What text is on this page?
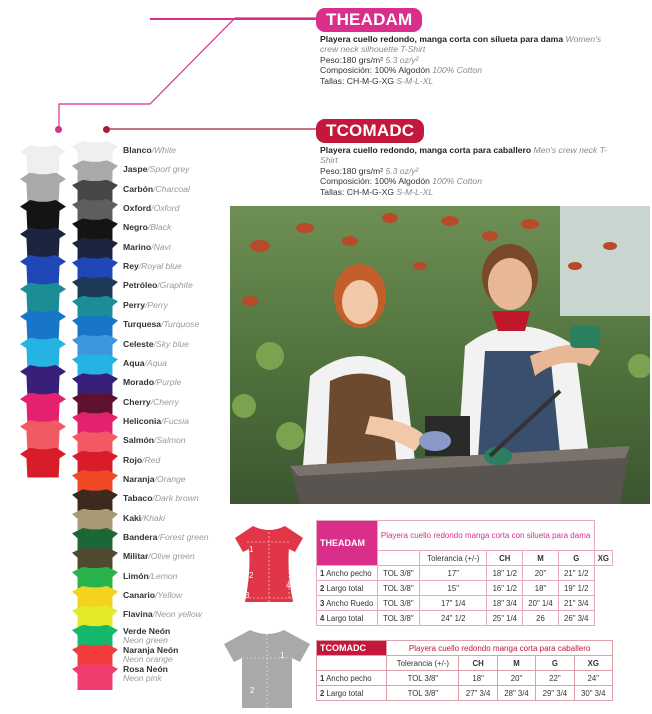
THEADAM
TCOMADC
Playera cuello redondo, manga corta con silueta para dama Women's crew neck silhouette T-Shirt
Peso:180 grs/m² 5.3 oz/y²
Composición: 100% Algodón 100% Cotton
Tallas: CH-M-G-XG S-M-L-XL
Playera cuello redondo, manga corta para caballero Men's crew neck T-Shirt
Peso:180 grs/m² 5.3 oz/y²
Composición: 100% Algodón 100% Cotton
Tallas: CH-M-G-XG S-M-L-XL
Blanco/White
Jaspe/Sport grey
Carbón/Charcoal
Oxford/Oxford
Negro/Black
Marino/Navi
Rey/Royal blue
Petróleo/Graphite
Perry/Perry
Turquesa/Turquose
Celeste/Sky blue
Aqua/Aqua
Morado/Purple
Cherry/Cherry
Heliconia/Fucsia
Salmón/Salmon
Rojo/Red
Naranja/Orange
Tabaco/Dark brown
Kaki/Khaki
Bandera/Forest green
Militar/Olive green
Limón/Lemon
Canario/Yellow
Flavina/Neon yellow
Verde Neón
Neon green
Naranja Neón
Neon orange
Rosa Neón
Neon pink
1
2
3
4
1
2
THEADAM	Playera cuello redondo manga corta con silueta para dama					
		Tolerancia (+/-)	CH	M	G	XG
1 Ancho pecho	TOL 3/8"	17"	18" 1/2	20"	21" 1/2	
2 Largo total	TOL 3/8"	15"	16" 1/2	18"	19" 1/2	
3 Ancho Ruedo	TOL 3/8"	17" 1/4	18" 3/4	20" 1/4	21" 3/4	
4 Largo total	TOL 3/8"	24" 1/2	25" 1/4	26	26" 3/4	
TCOMADC	Playera cuello redondo manga corta para caballero				
	Tolerancia (+/-)	CH	M	G	XG
1 Ancho pecho	TOL 3/8"	18"	20"	22"	24"
2 Largo total	TOL 3/8"	27" 3/4	28" 3/4	29" 3/4	30" 3/4
